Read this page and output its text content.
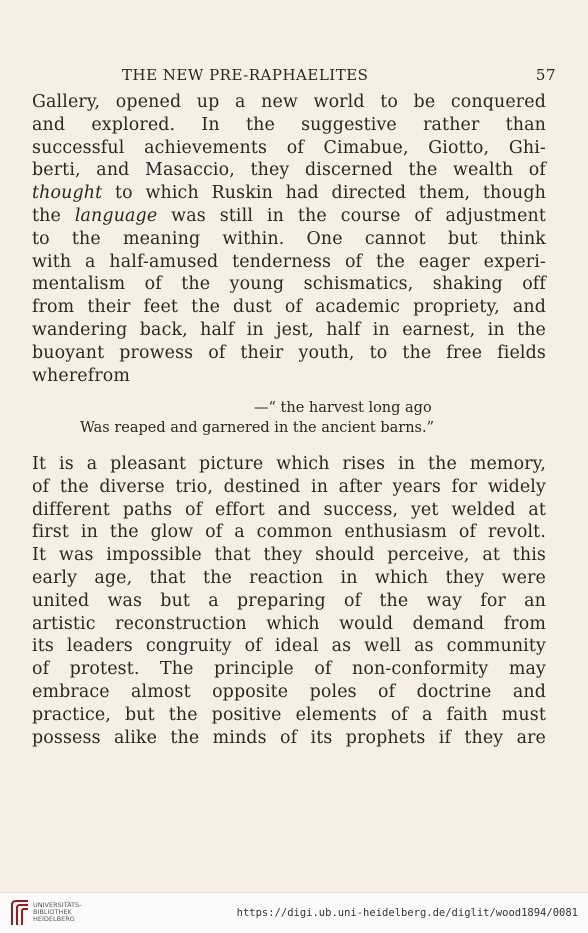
THE NEW PRE-RAPHAELITES	57
Gallery, opened up a new world to be conquered
and explored. In the suggestive rather than
successful achievements of Cimabue, Giotto, Ghi-
berti, and Masaccio, they discerned the wealth of
thought to which Ruskin had directed them, though
the language was still in the course of adjustment
to the meaning within. One cannot but think
with a half-amused tenderness of the eager experi-
mentalism of the young schismatics, shaking off
from their feet the dust of academic propriety, and
wandering back, half in jest, half in earnest, in the
buoyant prowess of their youth, to the free fields
wherefrom
—“ the harvest long ago
Was reaped and garnered in the ancient barns.”
It is a pleasant picture which rises in the memory,
of the diverse trio, destined in after years for widely
different paths of effort and success, yet welded at
first in the glow of a common enthusiasm of revolt.
It was impossible that they should perceive, at this
early age, that the reaction in which they were
united was but a preparing of the way for an
artistic reconstruction which would demand from
its leaders congruity of ideal as well as community
of protest. The principle of non-conformity may
embrace almost opposite poles of doctrine and
practice, but the positive elements of a faith must
possess alike the minds of its prophets if they are
UNIVERSITÄTS-
BIBLIOTHEK
HEIDELBERG	https://digi.ub.uni-heidelberg.de/diglit/wood1894/0081
